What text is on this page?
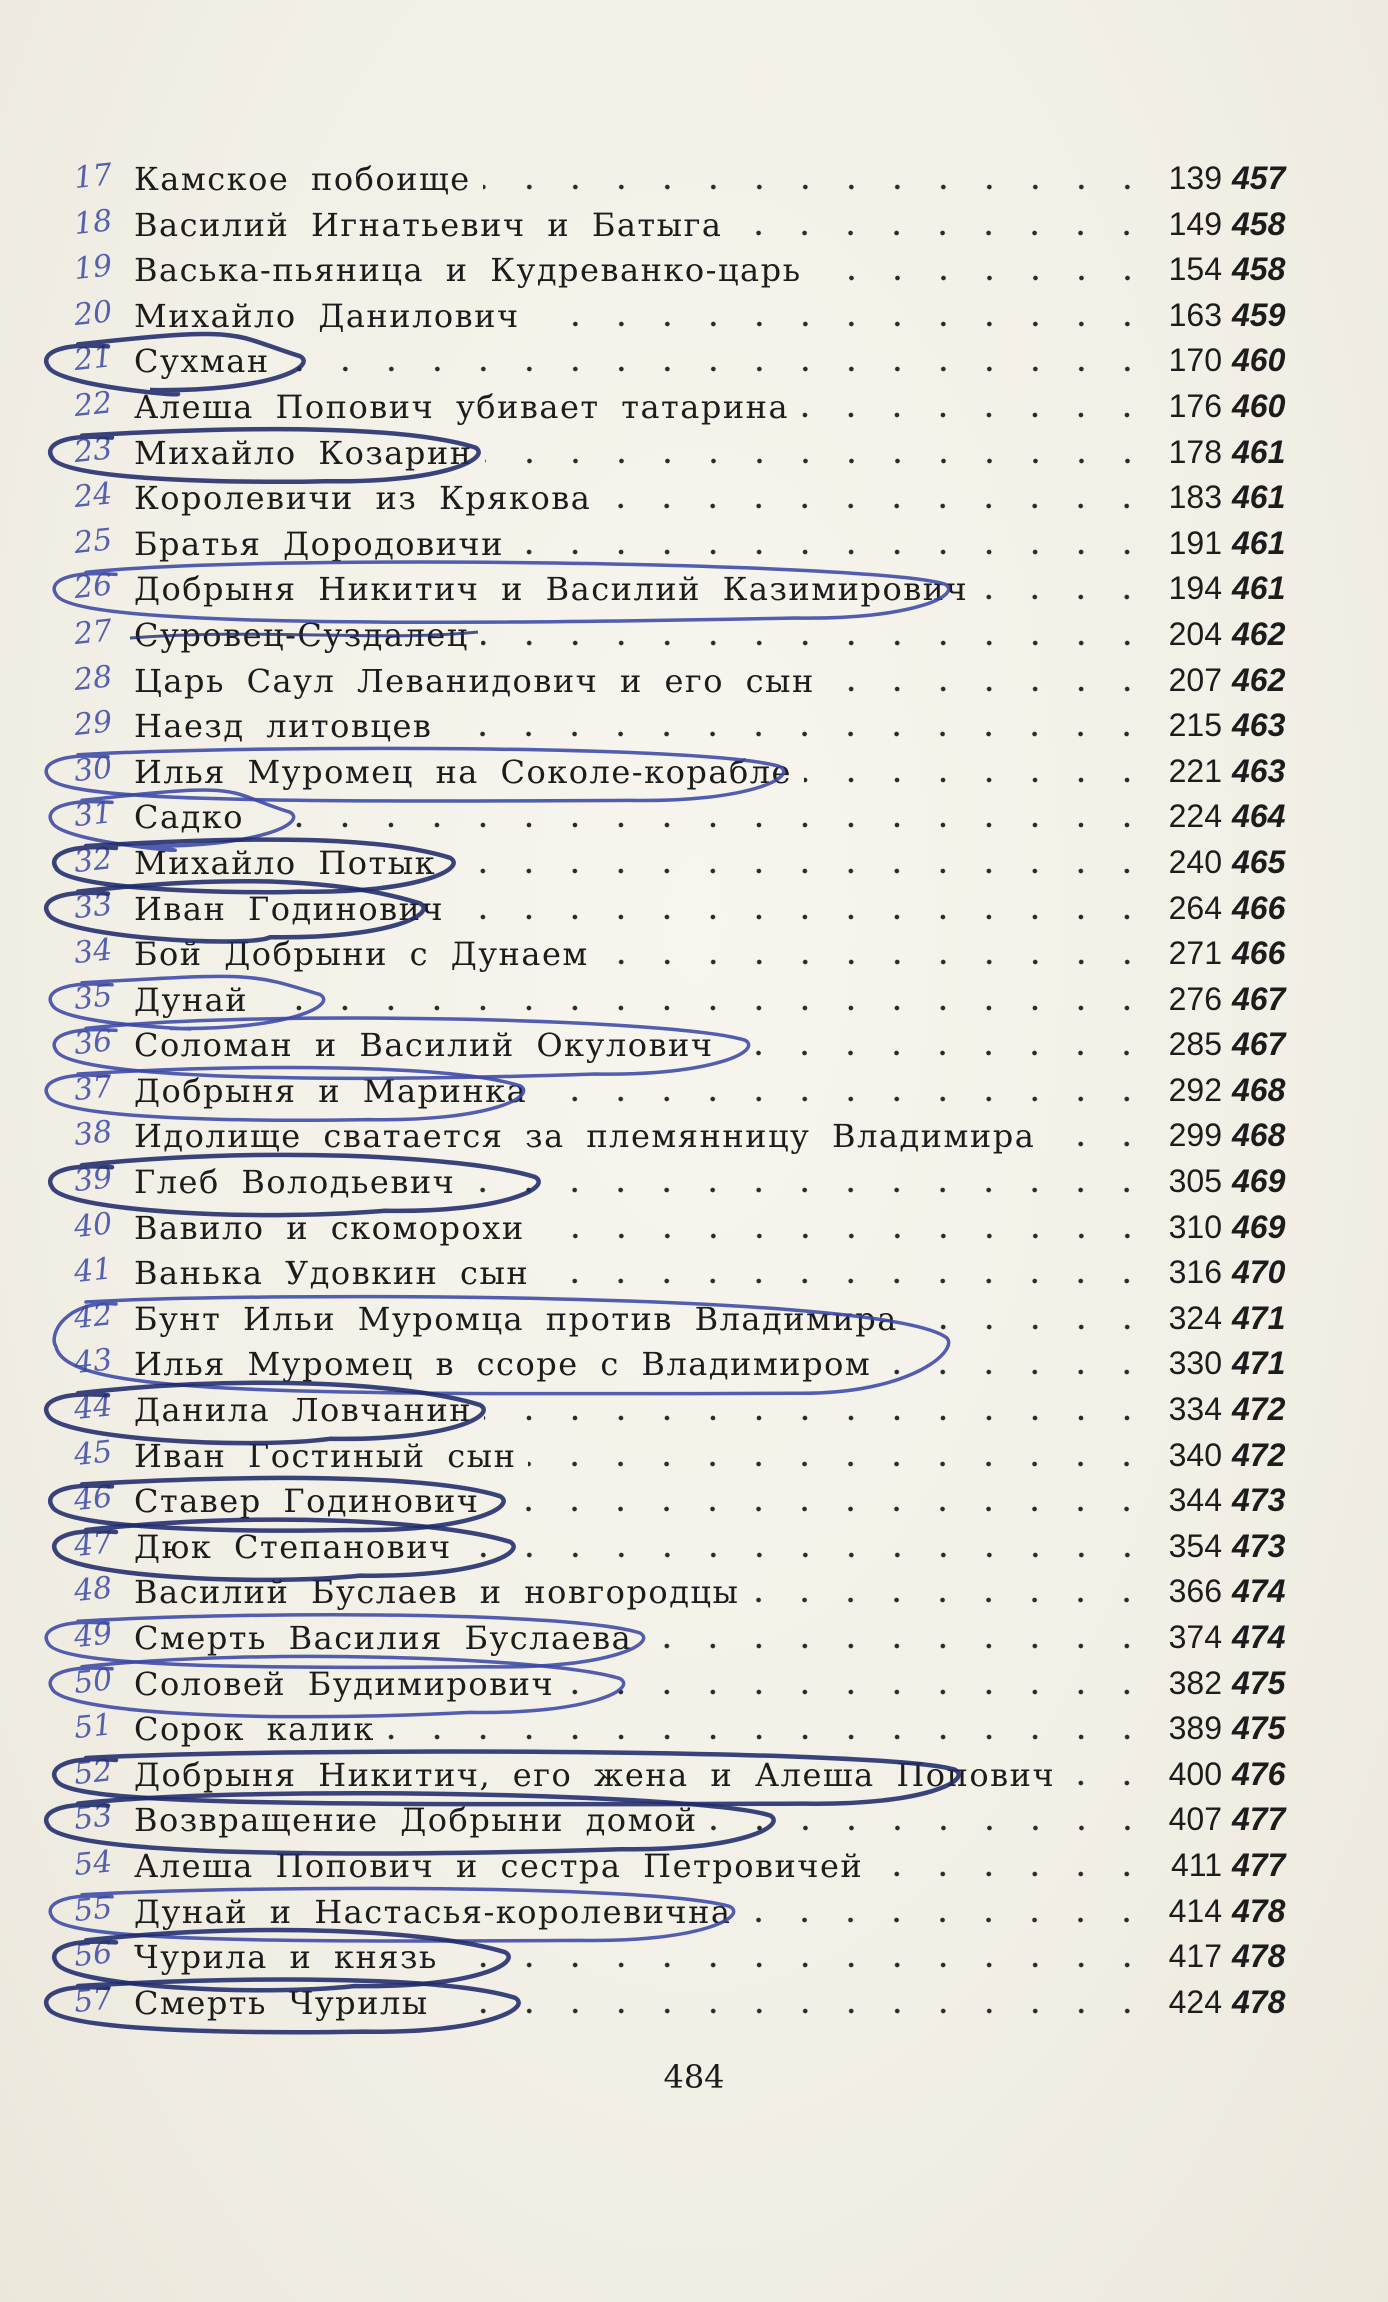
17 Камское побоище	139 457
18 Василий Игнатьевич и Батыга	149 458
19 Васька-пьяница и Кудреванко-царь	154 458
20 Михайло Данилович	163 459
21 Сухман	170 460
22 Алеша Попович убивает татарина	176 460
23 Михайло Козарин	178 461
24 Королевичи из Крякова	183 461
25 Братья Дородовичи	191 461
26 Добрыня Никитич и Василий Казимирович	194 461
27 Суровец-Суздалец	204 462
28 Царь Саул Леванидович и его сын	207 462
29 Наезд литовцев	215 463
30 Илья Муромец на Соколе-корабле	221 463
31 Садко	224 464
32 Михайло Потык	240 465
33 Иван Годинович	264 466
34 Бой Добрыни с Дунаем	271 466
35 Дунай	276 467
36 Соломан и Василий Окулович	285 467
37 Добрыня и Маринка	292 468
38 Идолище сватается за племянницу Владимира	299 468
39 Глеб Володьевич	305 469
40 Вавило и скоморохи	310 469
41 Ванька Удовкин сын	316 470
42 Бунт Ильи Муромца против Владимира	324 471
43 Илья Муромец в ссоре с Владимиром	330 471
44 Данила Ловчанин	334 472
45 Иван Гостиный сын	340 472
46 Ставер Годинович	344 473
47 Дюк Степанович	354 473
48 Василий Буслаев и новгородцы	366 474
49 Смерть Василия Буслаева	374 474
50 Соловей Будимирович	382 475
51 Сорок калик	389 475
52 Добрыня Никитич, его жена и Алеша Попович	400 476
53 Возвращение Добрыни домой	407 477
54 Алеша Попович и сестра Петровичей	411 477
55 Дунай и Настасья-королевична	414 478
56 Чурила и князь	417 478
57 Смерть Чурилы	424 478
484
